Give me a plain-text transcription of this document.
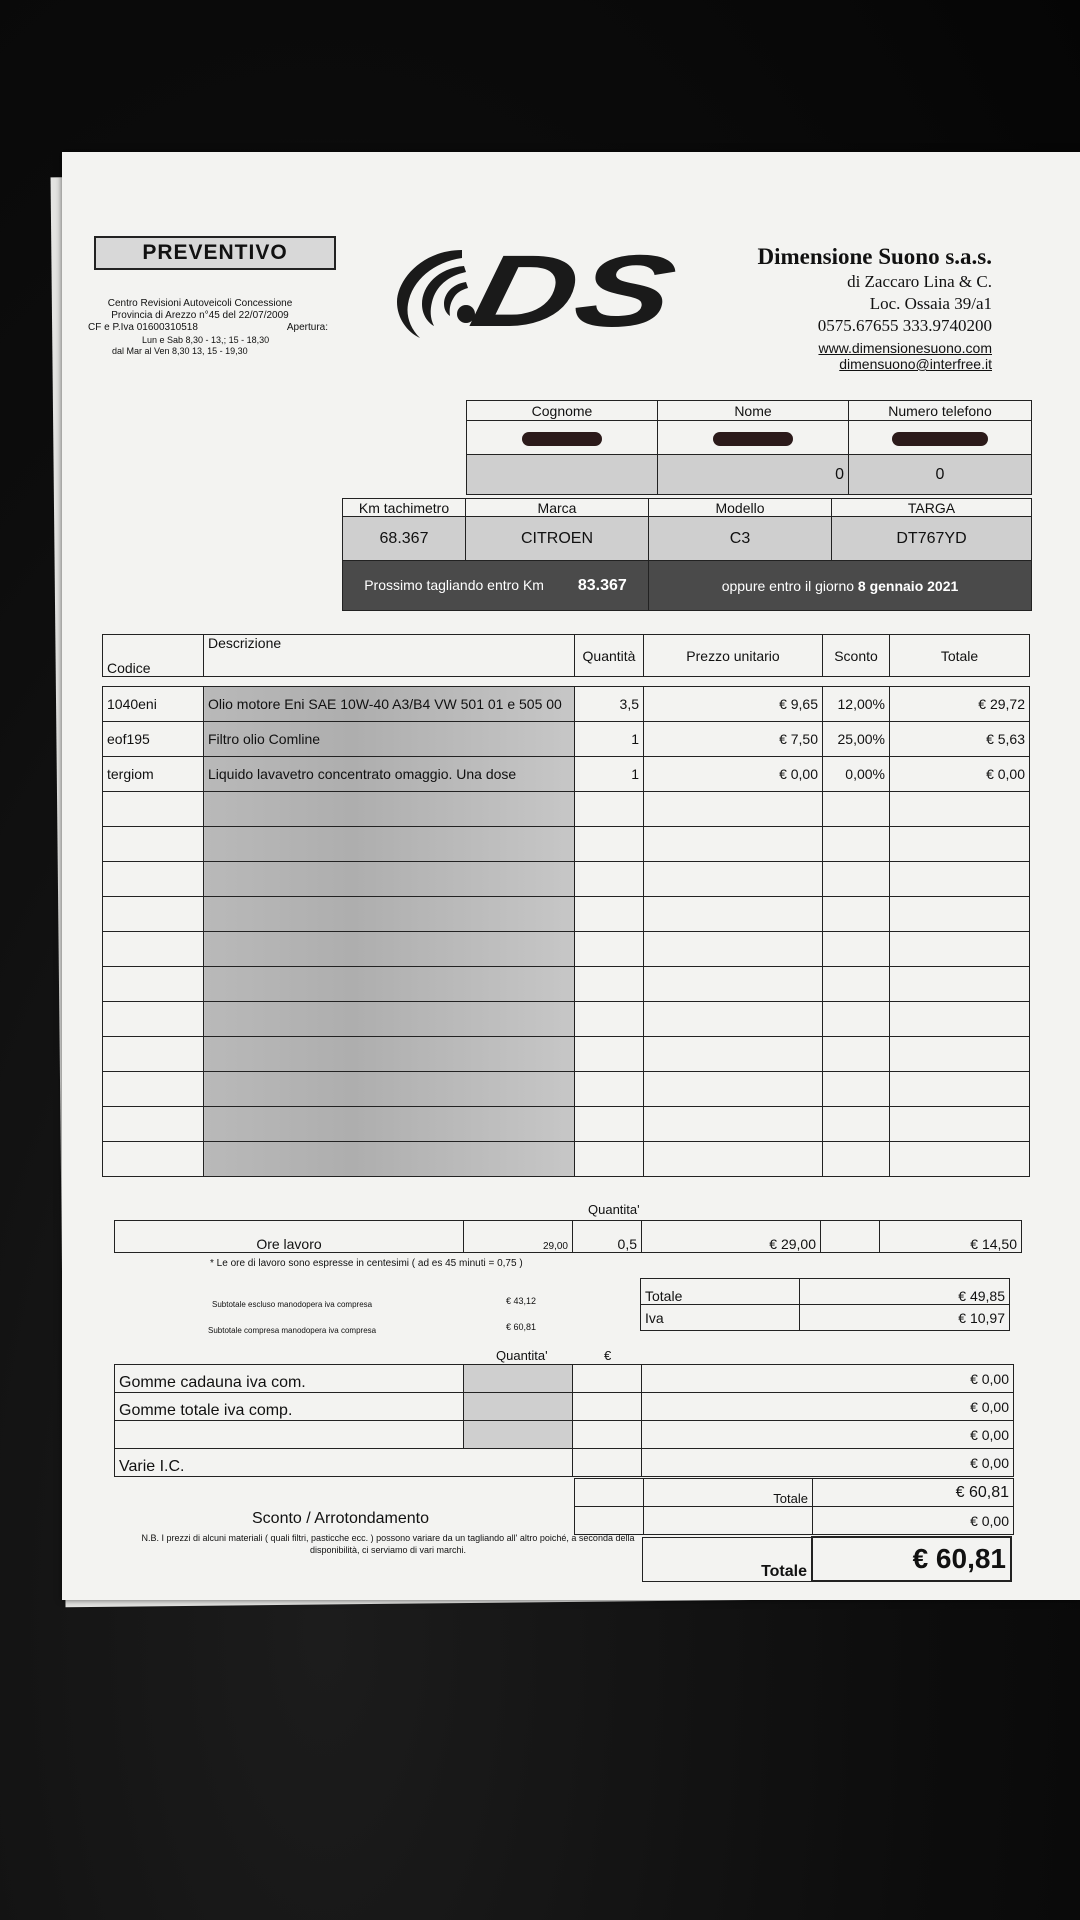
PREVENTIVO
Centro Revisioni Autoveicoli Concessione
Provincia di Arezzo n°45 del 22/07/2009
CF e P.Iva 01600310518	Apertura:
Lun e Sab 8,30 - 13,; 15 - 18,30
dal Mar al Ven 8,30 13, 15 - 19,30
DS	Dimensione Suono s.a.s.
di Zaccaro Lina & C.
Loc. Ossaia 39/a1
0575.67655 333.9740200
www.dimensionesuono.com dimensuono@interfree.it
Cognome	Nome	Numero telefono

	0	0
Km tachimetro	Marca	Modello	TARGA
68.367	CITROEN	C3	DT767YD
Prossimo tagliando entro Km 83.367		oppure entro il giorno 8 gennaio 2021	
Codice	Descrizione	Quantità	Prezzo unitario	Sconto	Totale

1040eni	Olio motore Eni SAE 10W-40 A3/B4 VW 501 01 e 505 00	3,5	€ 9,65	12,00%	€ 29,72
eof195	Filtro olio Comline	1	€ 7,50	25,00%	€ 5,63
tergiom	Liquido lavavetro concentrato omaggio. Una dose	1	€ 0,00	0,00%	€ 0,00

Quantita'
Ore lavoro	29,00	0,5	€ 29,00		€ 14,50
* Le ore di lavoro sono espresse in centesimi ( ad es 45 minuti = 0,75 )
Subtotale escluso manodopera iva compresa	€ 43,12
Subtotale compresa manodopera iva compresa	€ 60,81
Totale	€ 49,85
Iva	€ 10,97
Quantita'	€
Gomme cadauna iva com.			€ 0,00
Gomme totale iva comp.			€ 0,00
			€ 0,00
Varie I.C.			€ 0,00
	Totale	€ 60,81
		€ 0,00
Sconto / Arrotondamento
N.B. I prezzi di alcuni materiali ( quali filtri, pasticche ecc. ) possono variare da un tagliando all' altro poiché, a seconda della
disponibilità, ci serviamo di vari marchi.
Totale	€ 60,81
